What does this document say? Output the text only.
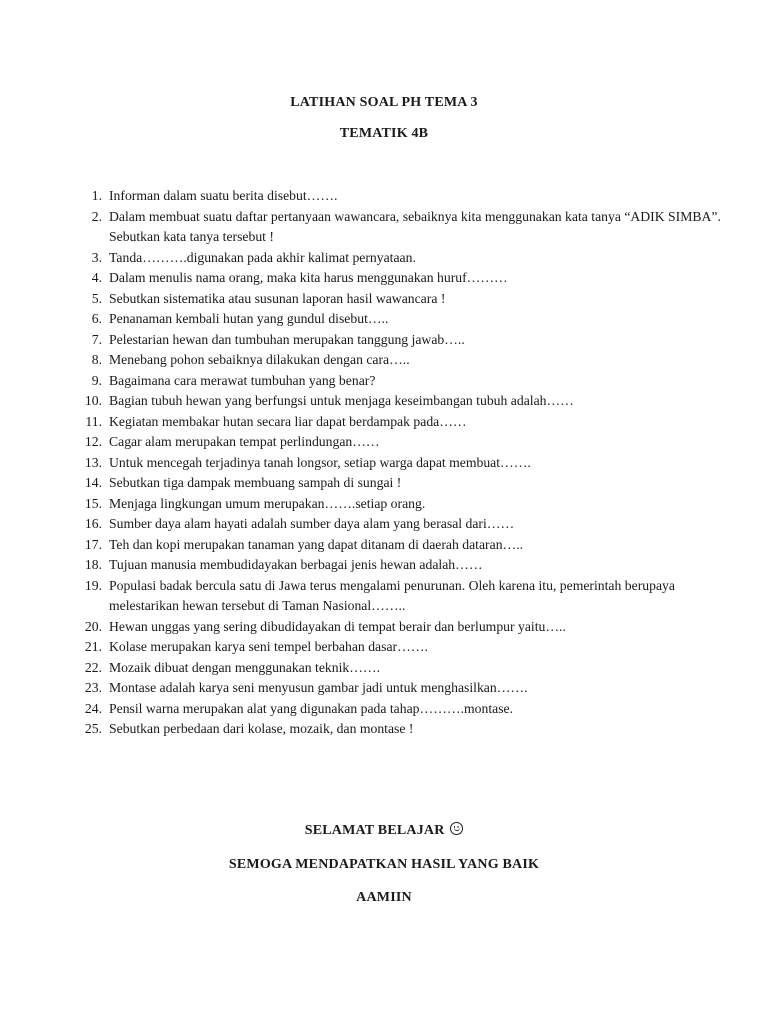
LATIHAN SOAL PH TEMA 3
TEMATIK 4B
1. Informan dalam suatu berita disebut…….
2. Dalam membuat suatu daftar pertanyaan wawancara, sebaiknya kita menggunakan kata tanya “ADIK SIMBA”. Sebutkan kata tanya tersebut !
3. Tanda……….digunakan pada akhir kalimat pernyataan.
4. Dalam menulis nama orang, maka kita harus menggunakan huruf………
5. Sebutkan sistematika atau susunan laporan hasil wawancara !
6. Penanaman kembali hutan yang gundul disebut…..
7. Pelestarian hewan dan tumbuhan merupakan tanggung jawab…..
8. Menebang pohon sebaiknya dilakukan dengan cara…..
9. Bagaimana cara merawat tumbuhan yang benar?
10. Bagian tubuh hewan yang berfungsi untuk menjaga keseimbangan tubuh adalah……
11. Kegiatan membakar hutan secara liar dapat berdampak pada……
12. Cagar alam merupakan tempat perlindungan……
13. Untuk mencegah terjadinya tanah longsor, setiap warga dapat membuat…….
14. Sebutkan tiga dampak membuang sampah di sungai !
15. Menjaga lingkungan umum merupakan…….setiap orang.
16. Sumber daya alam hayati adalah sumber daya alam yang berasal dari……
17. Teh dan kopi merupakan tanaman yang dapat ditanam di daerah dataran…..
18. Tujuan manusia membudidayakan berbagai jenis hewan adalah……
19. Populasi badak bercula satu di Jawa terus mengalami penurunan. Oleh karena itu, pemerintah berupaya melestarikan hewan tersebut di Taman Nasional……..
20. Hewan unggas yang sering dibudidayakan di tempat berair dan berlumpur yaitu…..
21. Kolase merupakan karya seni tempel berbahan dasar…….
22. Mozaik dibuat dengan menggunakan teknik…….
23. Montase adalah karya seni menyusun gambar jadi untuk menghasilkan…….
24. Pensil warna merupakan alat yang digunakan pada tahap……….montase.
25. Sebutkan perbedaan dari kolase, mozaik, dan montase !
SELAMAT BELAJAR
SEMOGA MENDAPATKAN HASIL YANG BAIK
AAMIIN
